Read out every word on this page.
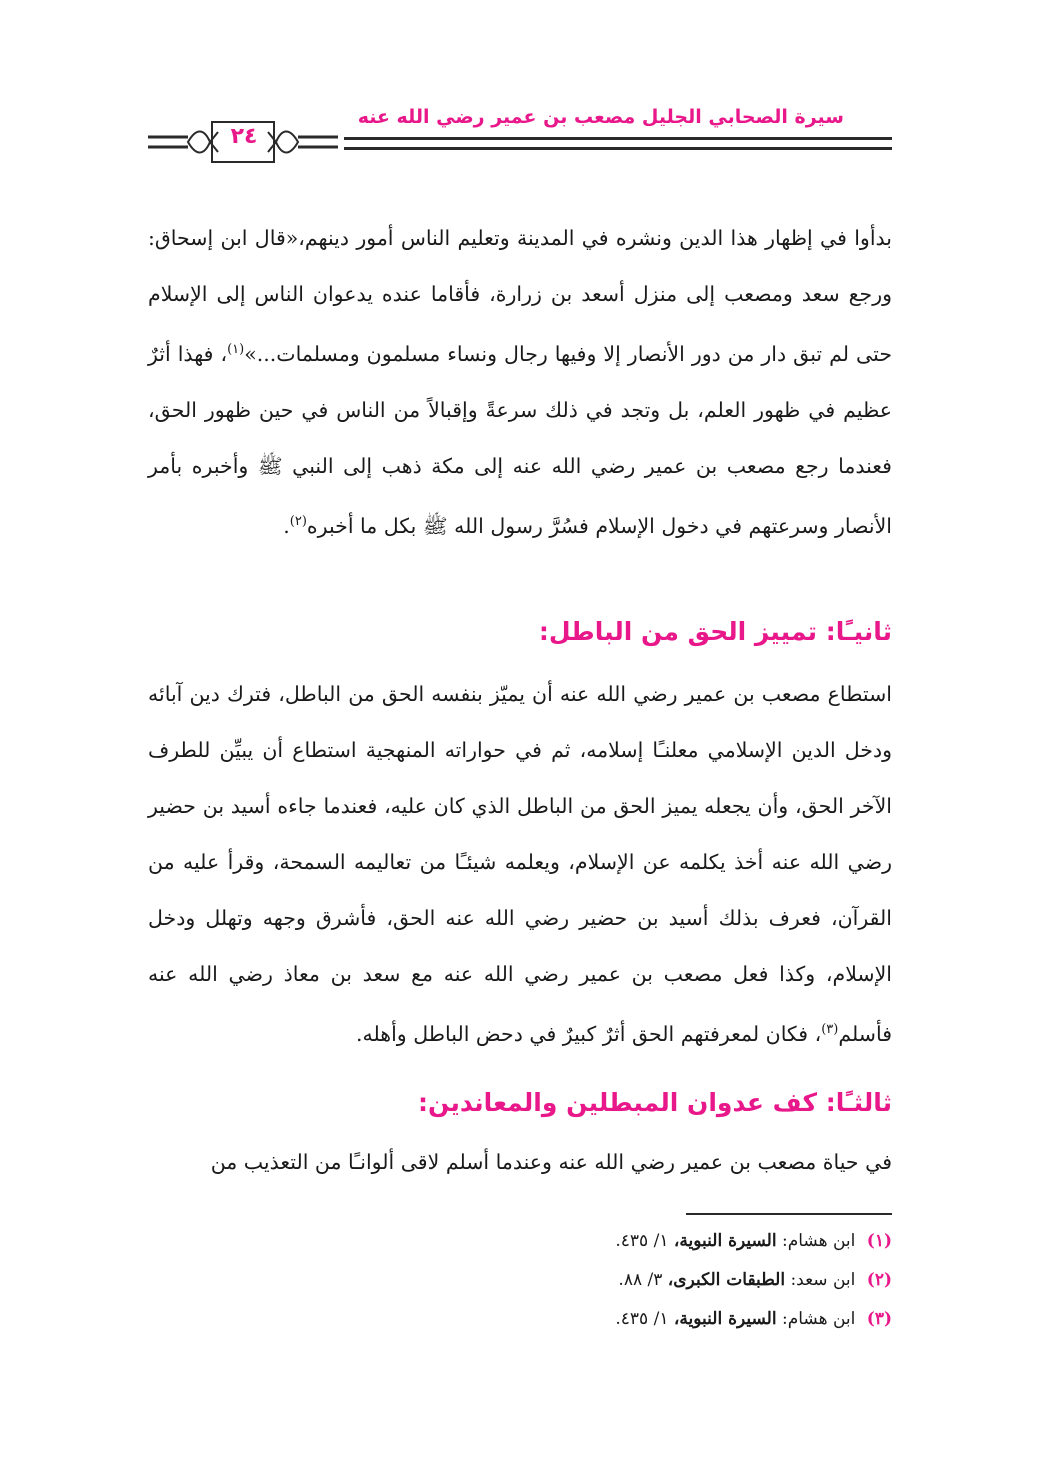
سيرة الصحابي الجليل مصعب بن عمير رضي الله عنه
٢٤

بدأوا في إظهار هذا الدين ونشره في المدينة وتعليم الناس أمور دينهم،«قال ابن إسحاق: ورجع سعد ومصعب إلى منزل أسعد بن زرارة، فأقاما عنده يدعوان الناس إلى الإسلام حتى لم تبق دار من دور الأنصار إلا وفيها رجال ونساء مسلمون ومسلمات...»$^{(١)}$، فهذا أثرٌ عظيم في ظهور العلم، بل وتجد في ذلك سرعةً وإقبالاً من الناس في حين ظهور الحق، فعندما رجع مصعب بن عمير رضي الله عنه إلى مكة ذهب إلى النبي ﷺ وأخبره بأمر الأنصار وسرعتهم في دخول الإسلام فسُرَّ رسول الله ﷺ بكل ما أخبره$^{(٢)}$.

ثانيـًا: تمييز الحق من الباطل:

استطاع مصعب بن عمير رضي الله عنه أن يميّز بنفسه الحق من الباطل، فترك دين آبائه ودخل الدين الإسلامي معلنـًا إسلامه، ثم في حواراته المنهجية استطاع أن يبيِّن للطرف الآخر الحق، وأن يجعله يميز الحق من الباطل الذي كان عليه، فعندما جاءه أسيد بن حضير رضي الله عنه أخذ يكلمه عن الإسلام، ويعلمه شيئـًا من تعاليمه السمحة، وقرأ عليه من القرآن، فعرف بذلك أسيد بن حضير رضي الله عنه الحق، فأشرق وجهه وتهلل ودخل الإسلام، وكذا فعل مصعب بن عمير رضي الله عنه مع سعد بن معاذ رضي الله عنه فأسلم$^{(٣)}$، فكان لمعرفتهم الحق أثرٌ كبيرٌ في دحض الباطل وأهله.

ثالثـًا: كف عدوان المبطلين والمعاندين:

في حياة مصعب بن عمير رضي الله عنه وعندما أسلم لاقى ألوانـًا من التعذيب من

(١) ابن هشام: السيرة النبوية، ١/ ٤٣٥.
(٢) ابن سعد: الطبقات الكبرى، ٣/ ٨٨.
(٣) ابن هشام: السيرة النبوية، ١/ ٤٣٥.
